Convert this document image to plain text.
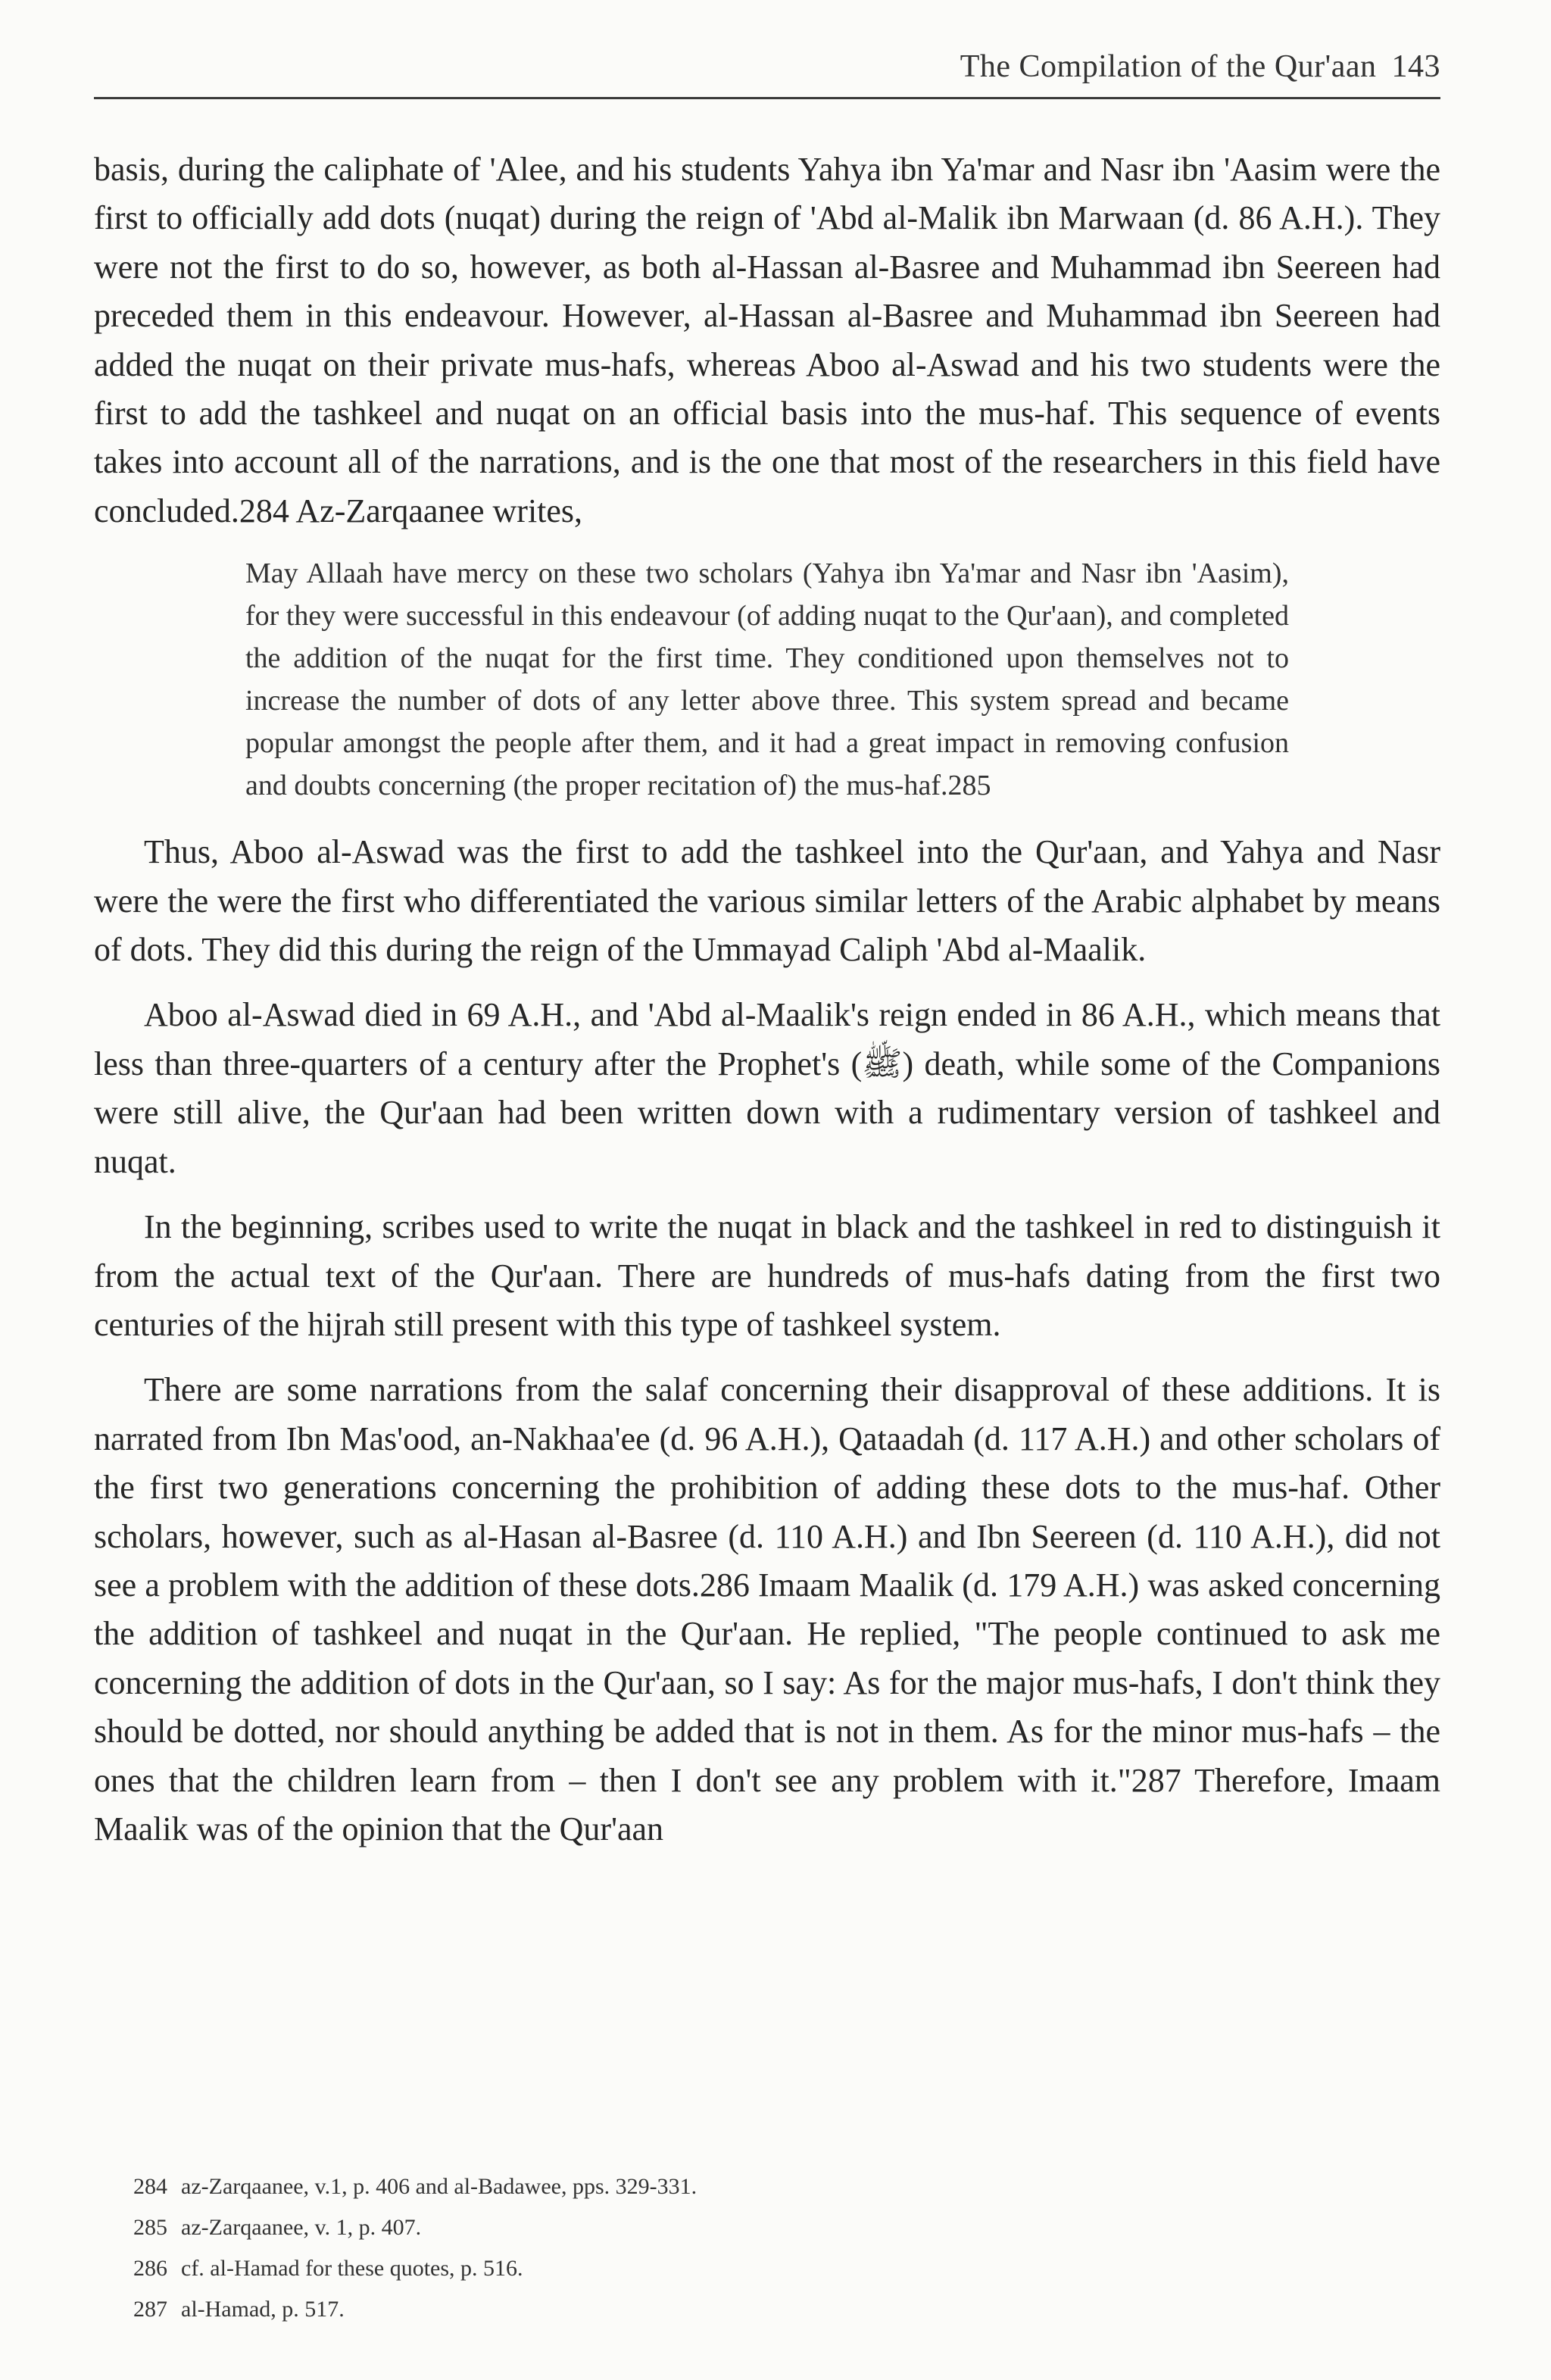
The Compilation of the Qur'aan 143

basis, during the caliphate of 'Alee, and his students Yahya ibn Ya'mar and Nasr ibn 'Aasim were the first to officially add dots (nuqat) during the reign of 'Abd al-Malik ibn Marwaan (d. 86 A.H.). They were not the first to do so, however, as both al-Hassan al-Basree and Muhammad ibn Seereen had preceded them in this endeavour. However, al-Hassan al-Basree and Muhammad ibn Seereen had added the nuqat on their private mus-hafs, whereas Aboo al-Aswad and his two students were the first to add the tashkeel and nuqat on an official basis into the mus-haf. This sequence of events takes into account all of the narrations, and is the one that most of the researchers in this field have concluded.284 Az-Zarqaanee writes,

May Allaah have mercy on these two scholars (Yahya ibn Ya'mar and Nasr ibn 'Aasim), for they were successful in this endeavour (of adding nuqat to the Qur'aan), and completed the addition of the nuqat for the first time. They conditioned upon themselves not to increase the number of dots of any letter above three. This system spread and became popular amongst the people after them, and it had a great impact in removing confusion and doubts concerning (the proper recitation of) the mus-haf.285

Thus, Aboo al-Aswad was the first to add the tashkeel into the Qur'aan, and Yahya and Nasr were the were the first who differentiated the various similar letters of the Arabic alphabet by means of dots. They did this during the reign of the Ummayad Caliph 'Abd al-Maalik.

Aboo al-Aswad died in 69 A.H., and 'Abd al-Maalik's reign ended in 86 A.H., which means that less than three-quarters of a century after the Prophet's (ﷺ) death, while some of the Companions were still alive, the Qur'aan had been written down with a rudimentary version of tashkeel and nuqat.

In the beginning, scribes used to write the nuqat in black and the tashkeel in red to distinguish it from the actual text of the Qur'aan. There are hundreds of mus-hafs dating from the first two centuries of the hijrah still present with this type of tashkeel system.

There are some narrations from the salaf concerning their disapproval of these additions. It is narrated from Ibn Mas'ood, an-Nakhaa'ee (d. 96 A.H.), Qataadah (d. 117 A.H.) and other scholars of the first two generations concerning the prohibition of adding these dots to the mus-haf. Other scholars, however, such as al-Hasan al-Basree (d. 110 A.H.) and Ibn Seereen (d. 110 A.H.), did not see a problem with the addition of these dots.286 Imaam Maalik (d. 179 A.H.) was asked concerning the addition of tashkeel and nuqat in the Qur'aan. He replied, "The people continued to ask me concerning the addition of dots in the Qur'aan, so I say: As for the major mus-hafs, I don't think they should be dotted, nor should anything be added that is not in them. As for the minor mus-hafs – the ones that the children learn from – then I don't see any problem with it."287 Therefore, Imaam Maalik was of the opinion that the Qur'aan

284 az-Zarqaanee, v.1, p. 406 and al-Badawee, pps. 329-331.
285 az-Zarqaanee, v. 1, p. 407.
286 cf. al-Hamad for these quotes, p. 516.
287 al-Hamad, p. 517.
